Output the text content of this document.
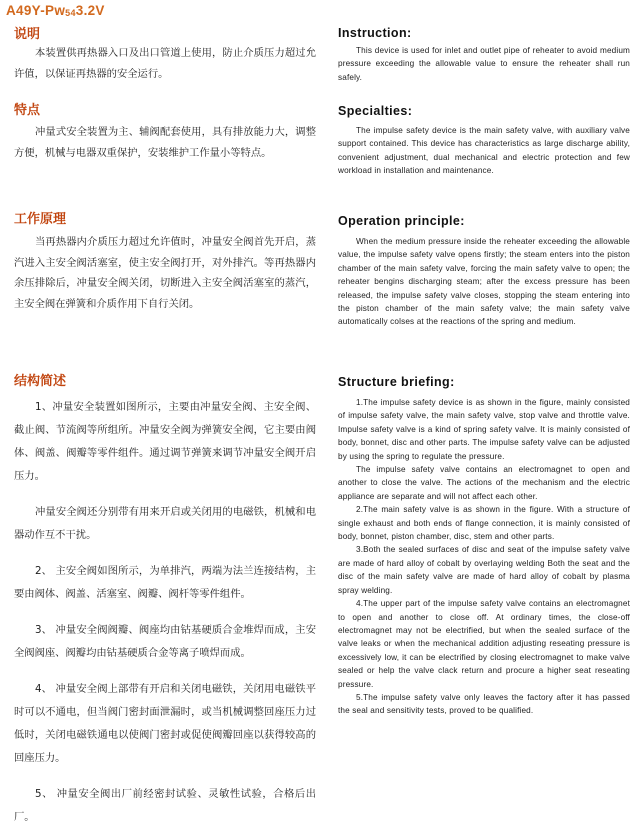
A49Y-Pw543.2V
说明

本装置供再热器入口及出口管道上使用，防止介质压力超过允许值，以保证再热器的安全运行。

特点

冲量式安全装置为主、辅阀配套使用，具有排放能力大，调整方便，机械与电器双重保护，安装维护工作量小等特点。

工作原理

当再热器内介质压力超过允许值时，冲量安全阀首先开启，蒸汽进入主安全阀活塞室，使主安全阀打开，对外排汽。等再热器内余压排除后，冲量安全阀关闭，切断进入主安全阀活塞室的蒸汽，主安全阀在弹簧和介质作用下自行关闭。

结构简述

1、冲量安全装置如图所示，主要由冲量安全阀、主安全阀、截止阀、节流阀等所组所。冲量安全阀为弹簧安全阀，它主要由阀体、阀盖、阀瓣等零件组件。通过调节弹簧来调节冲量安全阀开启压力。

冲量安全阀还分别带有用来开启或关闭用的电磁铁，机械和电器动作互不干扰。

2、 主安全阀如图所示，为单排汽，两端为法兰连接结构，主要由阀体、阀盖、活塞室、阀瓣、阀杆等零件组件。

3、 冲量安全阀阀瓣、阀座均由钴基硬质合金堆焊而成，主安全阀阀座、阀瓣均由钴基硬质合金等离子喷焊而成。

4、 冲量安全阀上部带有开启和关闭电磁铁，关闭用电磁铁平时可以不通电，但当阀门密封面泄漏时，或当机械调整回座压力过低时，关闭电磁铁通电以使阀门密封或促使阀瓣回座以获得较高的回座压力。

5、 冲量安全阀出厂前经密封试验、灵敏性试验，合格后出厂。

Instruction:

This device is used for inlet and outlet pipe of reheater to avoid medium pressure exceeding the allowable value to ensure the reheater shall run safely.

Specialties:

The impulse safety device is the main safety valve, with auxiliary valve support contained. This device has characteristics as large discharge ability, convenient adjustment, dual mechanical and electric protection and few workload in installation and maintenance.

Operation principle:

When the medium pressure inside the reheater exceeding the allowable value, the impulse safety valve opens firstly; the steam enters into the piston chamber of the main safety valve, forcing the main safety valve to open; the reheater bengins discharging steam; after the excess pressure has been released, the impulse safety valve closes, stopping the steam entering into the piston chamber of the main safety valve; the main safety valve automatically colses at the reactions of the spring and medium.

Structure briefing:

1.The impulse safety device is as shown in the figure, mainly consisted of impulse safety valve, the main safety valve, stop valve and throttle valve. Impulse safety valve is a kind of spring safety valve. It is mainly consisted of body, bonnet, disc and other parts. The impulse safety valve can be adjusted by using the spring to regulate the pressure.

The impulse safety valve contains an electromagnet to open and another to close the valve. The actions of the mechanism and the electric appliance are separate and will not affect each other.

2.The main safety valve is as shown in the figure. With a structure of single exhaust and both ends of flange connection, it is mainly consisted of body, bonnet, piston chamber, disc, stem and other parts.

3.Both the sealed surfaces of disc and seat of the impulse safety valve are made of hard alloy of cobalt by overlaying welding Both the seat and the disc of the main safety valve are made of hard alloy of cobalt by plasma spray welding.

4.The upper part of the impulse safety valve contains an electromagnet to open and another to close off. At ordinary times, the close-off electromagnet may not be electrified, but when the sealed surface of the valve leaks or when the mechanical addition adjusting reseating pressure is excessively low, it can be electrified by closing electromagnet to make valve sealed or help the valve clack return and procure a higher seat reseating pressure.

5.The impulse safety valve only leaves the factory after it has passed the seal and sensitivity tests, proved to be qualified.
